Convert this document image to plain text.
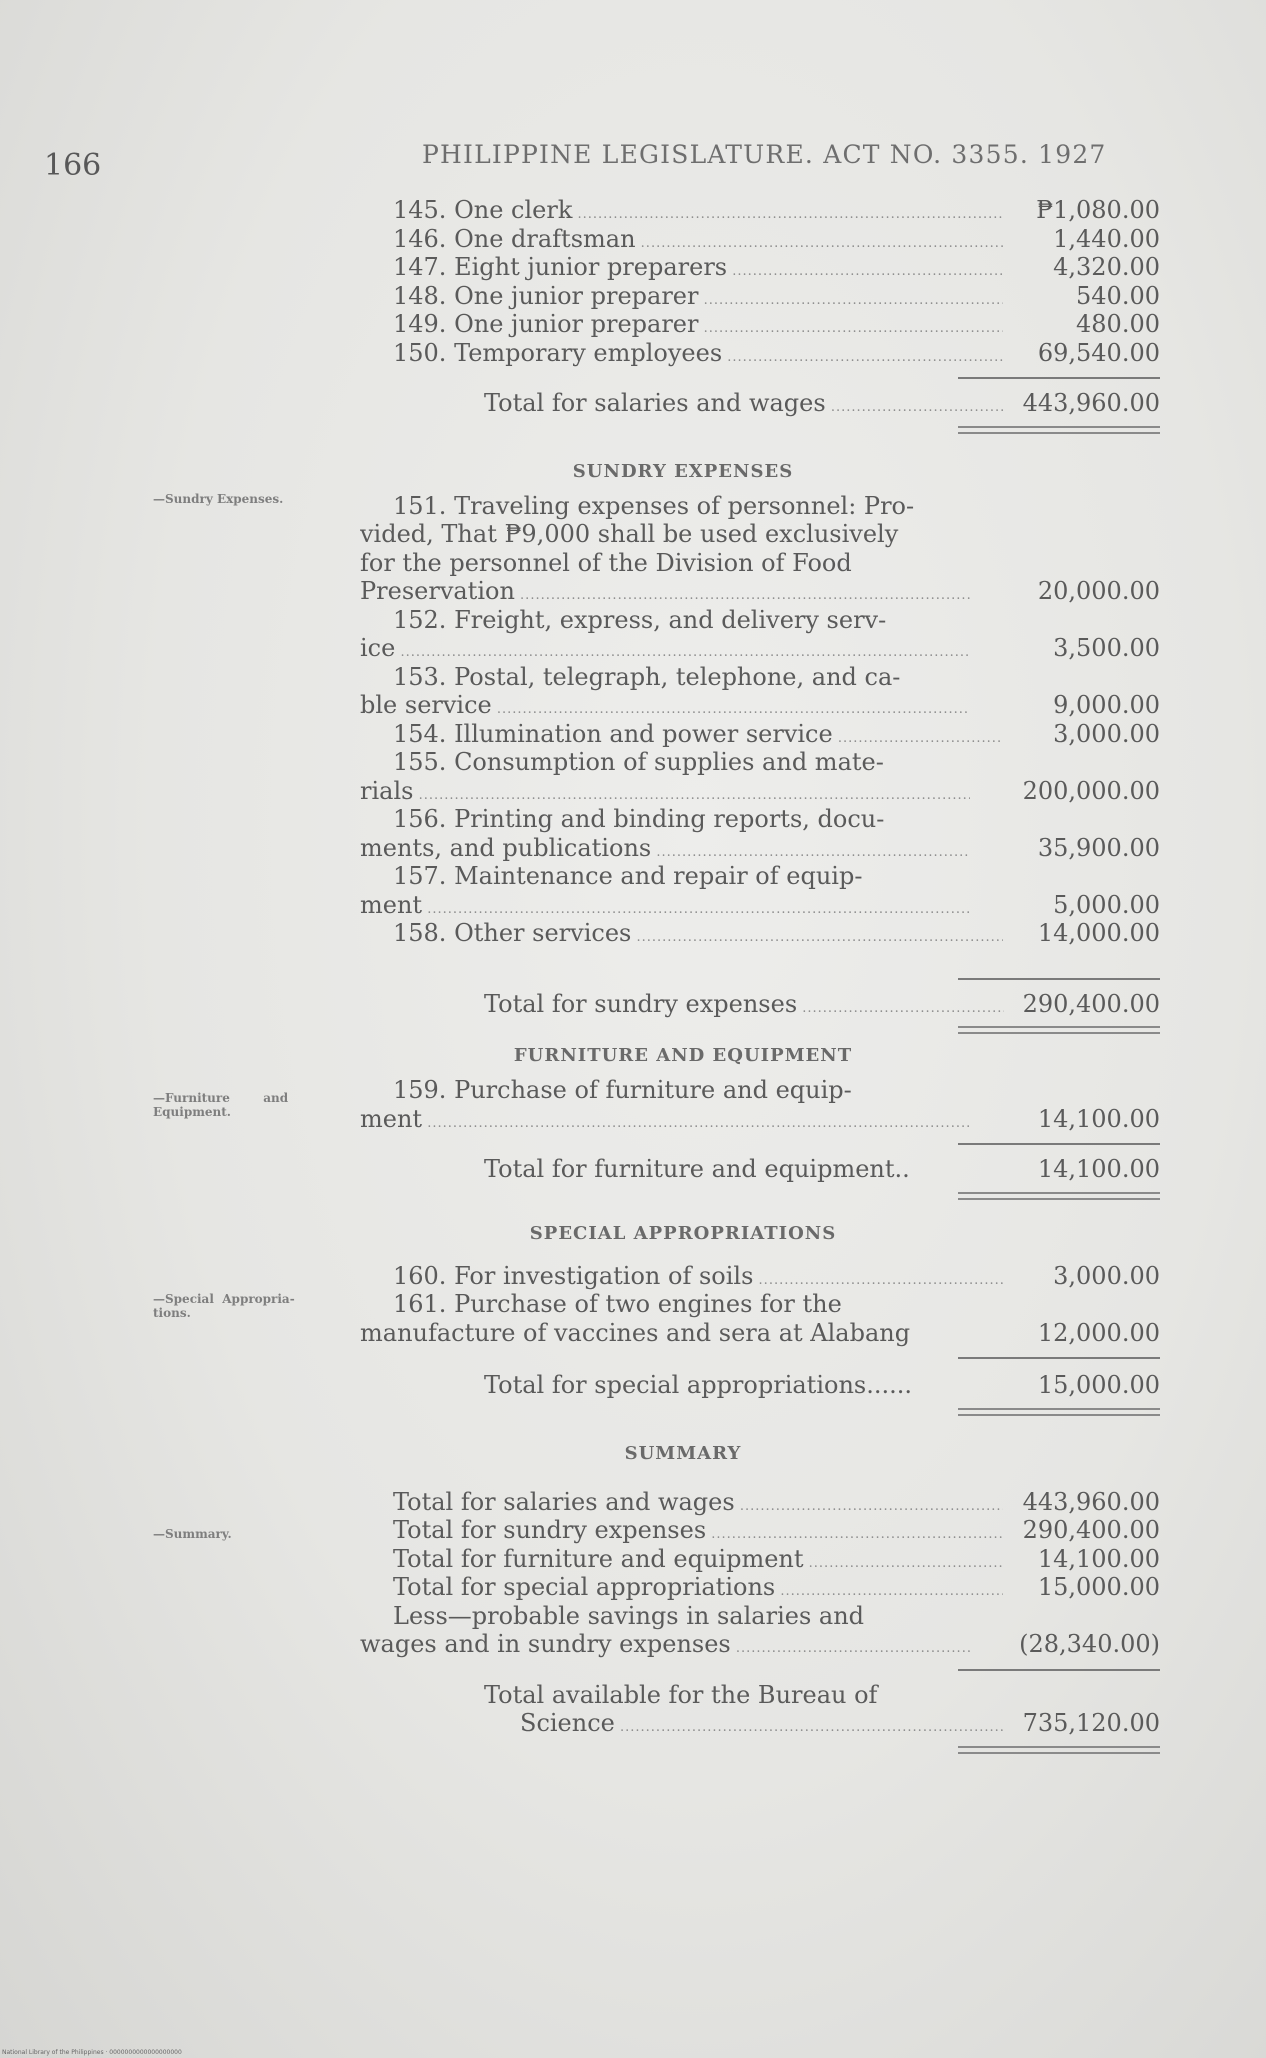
166	PHILIPPINE LEGISLATURE. ACT NO. 3355. 1927
—Sundry Expenses.
—Furniture        and
Equipment.
—Special  Appropria-
tions.
—Summary.
145. One clerk .....	₱1,080.00
146. One draftsman .....	1,440.00
147. Eight junior preparers .....	4,320.00
148. One junior preparer .....	540.00
149. One junior preparer .....	480.00
150. Temporary employees .....	69,540.00
Total for salaries and wages .....	443,960.00
SUNDRY EXPENSES
151. Traveling expenses of personnel: Pro-
vided, That ₱9,000 shall be used exclusively
for the personnel of the Division of Food
Preservation .....	20,000.00
152. Freight, express, and delivery serv-
ice .....	3,500.00
153. Postal, telegraph, telephone, and ca-
ble service .....	9,000.00
154. Illumination and power service .....	3,000.00
155. Consumption of supplies and mate-
rials .....	200,000.00
156. Printing and binding reports, docu-
ments, and publications .....	35,900.00
157. Maintenance and repair of equip-
ment .....	5,000.00
158. Other services .....	14,000.00
Total for sundry expenses .....	290,400.00
FURNITURE AND EQUIPMENT
159. Purchase of furniture and equip-
ment .....	14,100.00
Total for furniture and equipment..	14,100.00
SPECIAL APPROPRIATIONS
160. For investigation of soils .....	3,000.00
161. Purchase of two engines for the
manufacture of vaccines and sera at Alabang	12,000.00
Total for special appropriations......	15,000.00
SUMMARY
Total for salaries and wages .....	443,960.00
Total for sundry expenses .....	290,400.00
Total for furniture and equipment .....	14,100.00
Total for special appropriations .....	15,000.00
Less—probable savings in salaries and
wages and in sundry expenses .....	(28,340.00)
Total available for the Bureau of
Science .....	735,120.00
National Library of the Philippines · 0000000000000000000
